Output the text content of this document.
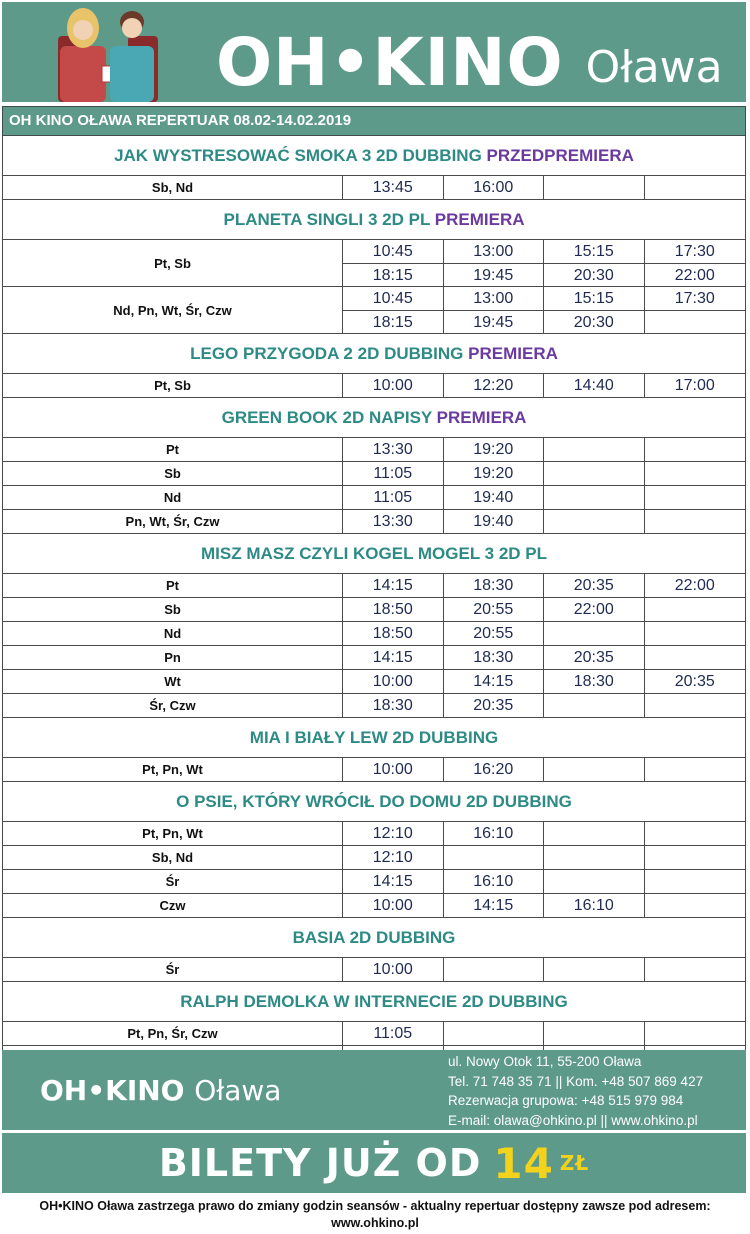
OH•KINO Oława
OH KINO OŁAWA REPERTUAR 08.02-14.02.2019
JAK WYSTRESOWAĆ SMOKA 3 2D DUBBING PRZEDPREMIERA
Sb, Nd	13:45	16:00
PLANETA SINGLI 3 2D PL PREMIERA
Pt, Sb
10:45	13:00	15:15	17:30
18:15	19:45	20:30	22:00
Nd, Pn, Wt, Śr, Czw
10:45	13:00	15:15	17:30
18:15	19:45	20:30
LEGO PRZYGODA 2 2D DUBBING PREMIERA
Pt, Sb	10:00	12:20	14:40	17:00
GREEN BOOK 2D NAPISY PREMIERA
Pt	13:30	19:20
Sb	11:05	19:20
Nd	11:05	19:40
Pn, Wt, Śr, Czw	13:30	19:40
MISZ MASZ CZYLI KOGEL MOGEL 3 2D PL
Pt	14:15	18:30	20:35	22:00
Sb	18:50	20:55	22:00
Nd	18:50	20:55
Pn	14:15	18:30	20:35
Wt	10:00	14:15	18:30	20:35
Śr, Czw	18:30	20:35
MIA I BIAŁY LEW 2D DUBBING
Pt, Pn, Wt	10:00	16:20
O PSIE, KTÓRY WRÓCIŁ DO DOMU 2D DUBBING
Pt, Pn, Wt	12:10	16:10
Sb, Nd	12:10
Śr	14:15	16:10
Czw	10:00	14:15	16:10
BASIA 2D DUBBING
Śr	10:00
RALPH DEMOLKA W INTERNECIE 2D DUBBING
Pt, Pn, Śr, Czw	11:05
OH•KINO Oława
ul. Nowy Otok 11, 55-200 Oława
Tel. 71 748 35 71 || Kom. +48 507 869 427
Rezerwacja grupowa: +48 515 979 984
E-mail: olawa@ohkino.pl || www.ohkino.pl
BILETY JUŻ OD 14 ZŁ
OH•KINO Oława zastrzega prawo do zmiany godzin seansów - aktualny repertuar dostępny zawsze pod adresem: www.ohkino.pl
